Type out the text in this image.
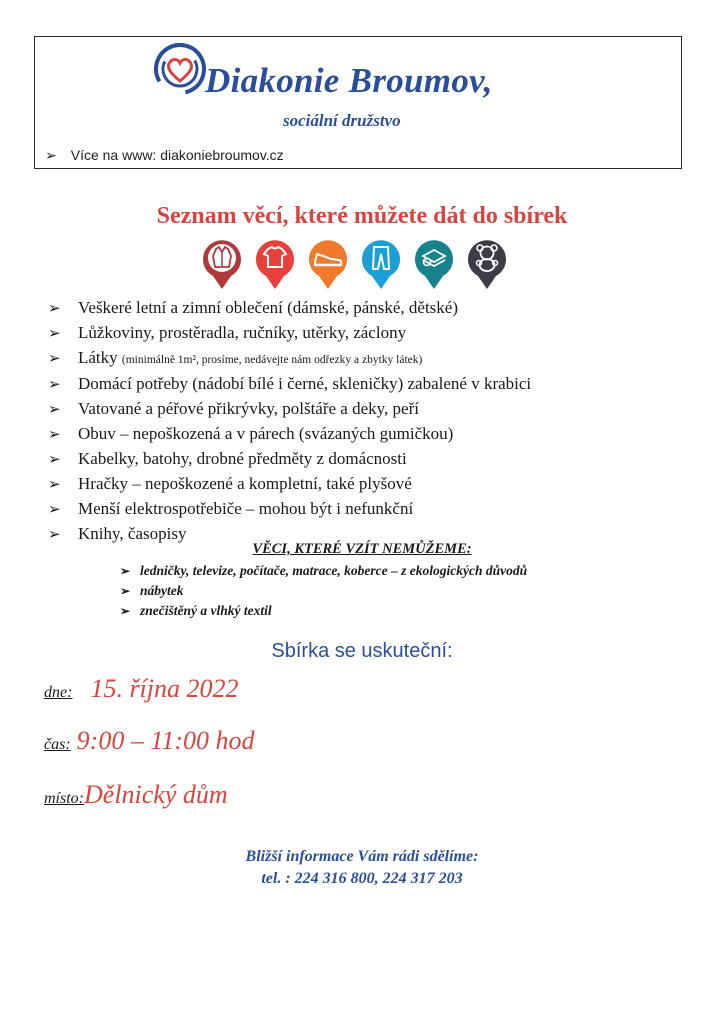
Diakonie Broumov,
sociální družstvo
➢ Více na www: diakoniebroumov.cz
Seznam věcí, které můžete dát do sbírek
➢ Veškeré letní a zimní oblečení (dámské, pánské, dětské)
➢ Lůžkoviny, prostěradla, ručníky, utěrky, záclony
➢ Látky (minimálně 1m², prosíme, nedávejte nám odřezky a zbytky látek)
➢ Domácí potřeby (nádobí bílé i černé, skleničky) zabalené v krabici
➢ Vatované a péřové přikrývky, polštáře a deky, peří
➢ Obuv – nepoškozená a v párech (svázaných gumičkou)
➢ Kabelky, batohy, drobné předměty z domácnosti
➢ Hračky – nepoškozené a kompletní, také plyšové
➢ Menší elektrospotřebiče – mohou být i nefunkční
➢ Knihy, časopisy
VĚCI, KTERÉ VZÍT NEMŮŽEME:
➢ ledničky, televize, počítače, matrace, koberce – z ekologických důvodů
➢ nábytek
➢ znečištěný a vlhký textil
Sbírka se uskuteční:
dne: 15. října 2022
čas: 9:00 – 11:00 hod
místo:Dělnický dům
Bližší informace Vám rádi sdělíme:
tel. : 224 316 800, 224 317 203
